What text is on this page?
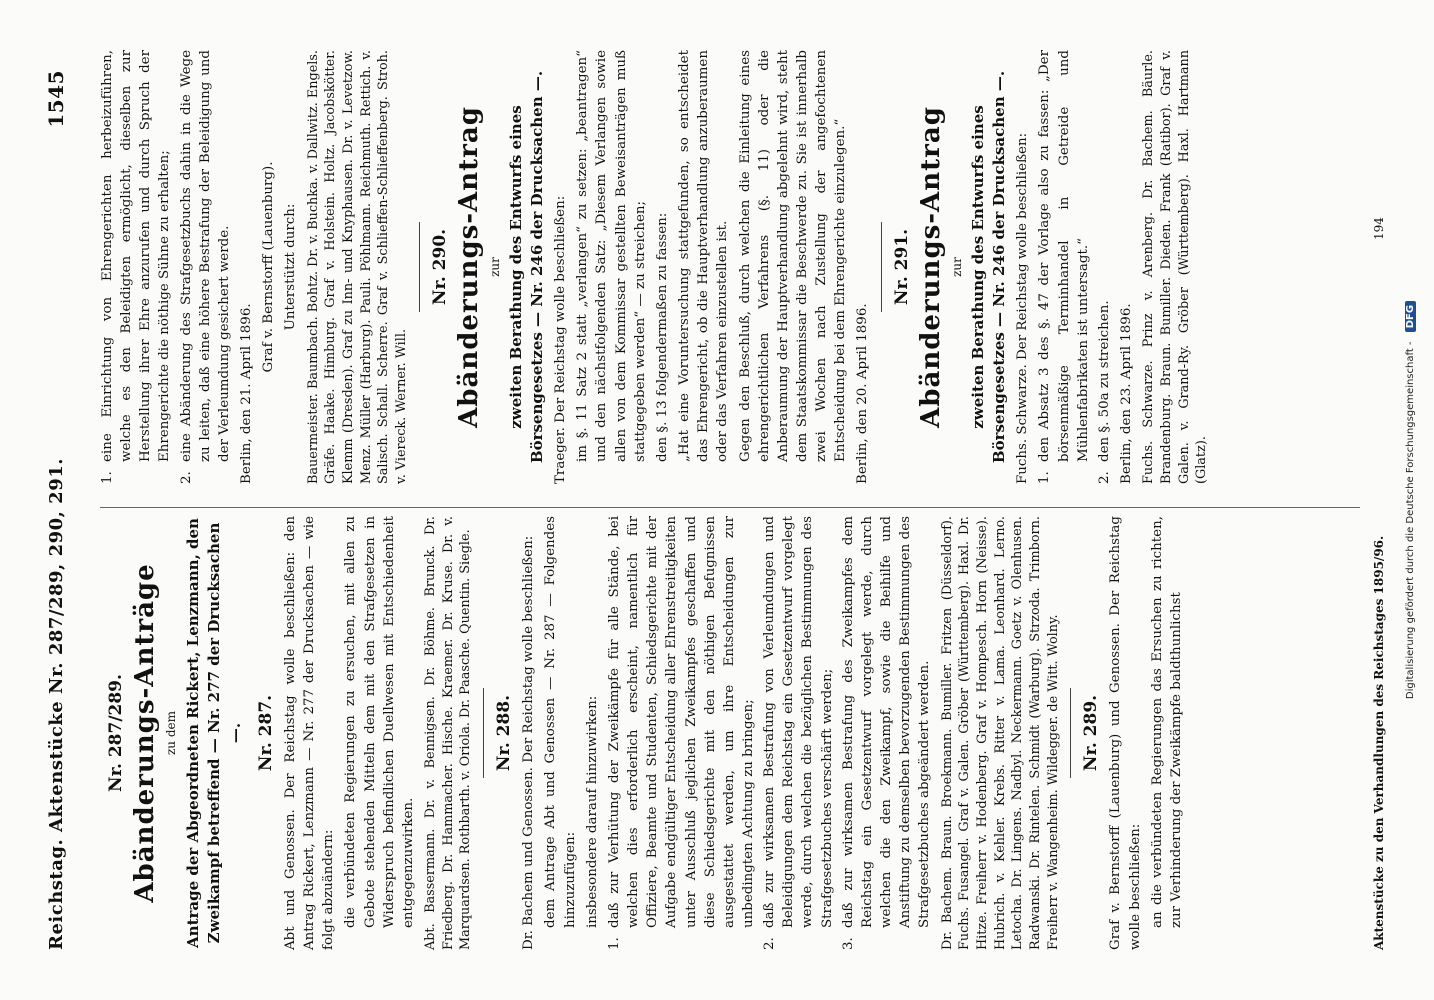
Reichstag. Aktenstücke Nr. 287/289, 290, 291.
1545
Nr. 287/289. Abänderungs-Anträge zu dem Antrage der Abgeordneten Rickert, Lenzmann, den Zweikampf betreffend — Nr. 277 der Drucksachen —. Nr. 287. Abt und Genossen. Der Reichstag wolle beschließen: den Antrag Rickert, Lenzmann — Nr. 277 der Drucksachen — wie folgt abzuändern: die verbündeten Regierungen zu ersuchen, mit allen zu Gebote stehenden Mitteln dem mit den Strafgesetzen in Widerspruch befindlichen Duellwesen mit Entschiedenheit entgegenzuwirken. Abt. Bassermann. Dr. v. Bennigsen. Dr. Böhme. Brunck. Dr. Friedberg. Dr. Hammacher. Hische. Kraemer. Dr. Kruse. Dr. v. Marquardsen. Rothbarth. v. Oriola. Dr. Paasche. Quentin. Siegle. Nr. 288. Dr. Bachem und Genossen. Der Reichstag wolle beschließen: dem Antrage Abt und Genossen — Nr. 287 — Folgendes hinzuzufügen: insbesondere darauf hinzuwirken:

1.
daß zur Verhütung der Zweikämpfe für alle Stände, bei welchen dies erforderlich erscheint, namentlich für Offiziere, Beamte und Studenten, Schiedsgerichte mit der Aufgabe endgültiger Entscheidung aller Ehrenstreitigkeiten unter Ausschluß jeglichen Zweikampfes geschaffen und diese Schiedsgerichte mit den nöthigen Befugnissen ausgestattet werden, um ihre Entscheidungen zur unbedingten Achtung zu bringen;
2.
daß zur wirksamen Bestrafung von Verleumdungen und Beleidigungen dem Reichstag ein Gesetzentwurf vorgelegt werde, durch welchen die bezüglichen Bestimmungen des Strafgesetzbuches verschärft werden;
3.
daß zur wirksamen Bestrafung des Zweikampfes dem Reichstag ein Gesetzentwurf vorgelegt werde, durch welchen die den Zweikampf, sowie die Beihilfe und Anstiftung zu demselben bevorzugenden Bestimmungen des Strafgesetzbuches abgeändert werden. Dr. Bachem. Braun. Broekmann. Bumiller. Fritzen (Düsseldorf). Fuchs. Fusangel. Graf v. Galen. Gröber (Württemberg). Haxl. Dr. Hitze. Freiherr v. Hodenberg. Graf v. Hompesch. Horn (Neisse). Hubrich. v. Kehler. Krebs. Ritter v. Lama. Leonhard. Lerno. Letocha. Dr. Lingens. Nadbyl. Neckermann. Goetz v. Olenhusen. Radwanski. Dr. Rintelen. Schmidt (Warburg). Strzoda. Trimborn. Freiherr v. Wangenheim. Wildegger. de Witt. Wolny. Nr. 289. Graf v. Bernstorff (Lauenburg) und Genossen. Der Reichstag wolle beschließen: an die verbündeten Regierungen das Ersuchen zu richten, zur Verhinderung der Zweikämpfe baldthunlichst

1.
eine Einrichtung von Ehrengerichten herbeizuführen, welche es den Beleidigten ermöglicht, dieselben zur Herstellung ihrer Ehre anzurufen und durch Spruch der Ehrengerichte die nöthige Sühne zu erhalten;
2.
eine Abänderung des Strafgesetzbuchs dahin in die Wege zu leiten, daß eine höhere Bestrafung der Beleidigung und der Verleumdung gesichert werde. Berlin, den 21. April 1896.

Graf v. Bernstorff (Lauenburg). Unterstützt durch: Bauermeister. Baumbach. Bohtz. Dr. v. Buchka. v. Dallwitz. Engels. Gräfe. Haake. Himburg. Graf v. Holstein. Holtz. Jacobskötter. Klemm (Dresden). Graf zu Inn- und Knyphausen. Dr. v. Levetzow. Menz. Müller (Harburg). Pauli. Pöhlmann. Reichmuth. Rettich. v. Salisch. Schall. Scherre. Graf v. Schlieffen-Schlieffenberg. Stroh. v. Viereck. Werner. Will.
Nr. 290. Abänderungs-Antrag zur zweiten Berathung des Entwurfs eines Börsengesetzes — Nr. 246 der Drucksachen —. Traeger. Der Reichstag wolle beschließen: im §. 11 Satz 2 statt „verlangen“ zu setzen: „beantragen“ und den nächstfolgenden Satz: „Diesem Verlangen sowie allen von dem Kommissar gestellten Beweisanträgen muß stattgegeben werden“ — zu streichen; den §. 13 folgendermaßen zu fassen: „Hat eine Voruntersuchung stattgefunden, so entscheidet das Ehrengericht, ob die Hauptverhandlung anzuberaumen oder das Verfahren einzustellen ist. Gegen den Beschluß, durch welchen die Einleitung eines ehrengerichtlichen Verfahrens (§. 11) oder die Anberaumung der Hauptverhandlung abgelehnt wird, steht dem Staatskommissar die Beschwerde zu. Sie ist innerhalb zwei Wochen nach Zustellung der angefochtenen Entscheidung bei dem Ehrengerichte einzulegen.“ Berlin, den 20. April 1896.

Nr. 291. Abänderungs-Antrag zur zweiten Berathung des Entwurfs eines Börsengesetzes — Nr. 246 der Drucksachen —. Fuchs. Schwarze. Der Reichstag wolle beschließen: 1.
den Absatz 3 des §. 47 der Vorlage also zu fassen: „Der börsenmäßige Terminhandel in Getreide und Mühlenfabrikaten ist untersagt.“
2.
den §. 50a zu streichen. Berlin, den 23. April 1896. Fuchs. Schwarze. Prinz v. Arenberg. Dr. Bachem. Bäurle. Brandenburg. Braun. Bumiller. Dieden. Frank (Ratibor). Graf v. Galen. v. Grand-Ry. Gröber (Württemberg). Haxl. Hartmann (Glatz).
Aktenstücke zu den Verhandlungen des Reichstages 1895/96.
194
Digitalisierung gefördert durch die Deutsche Forschungsgemeinschaft - DFG
